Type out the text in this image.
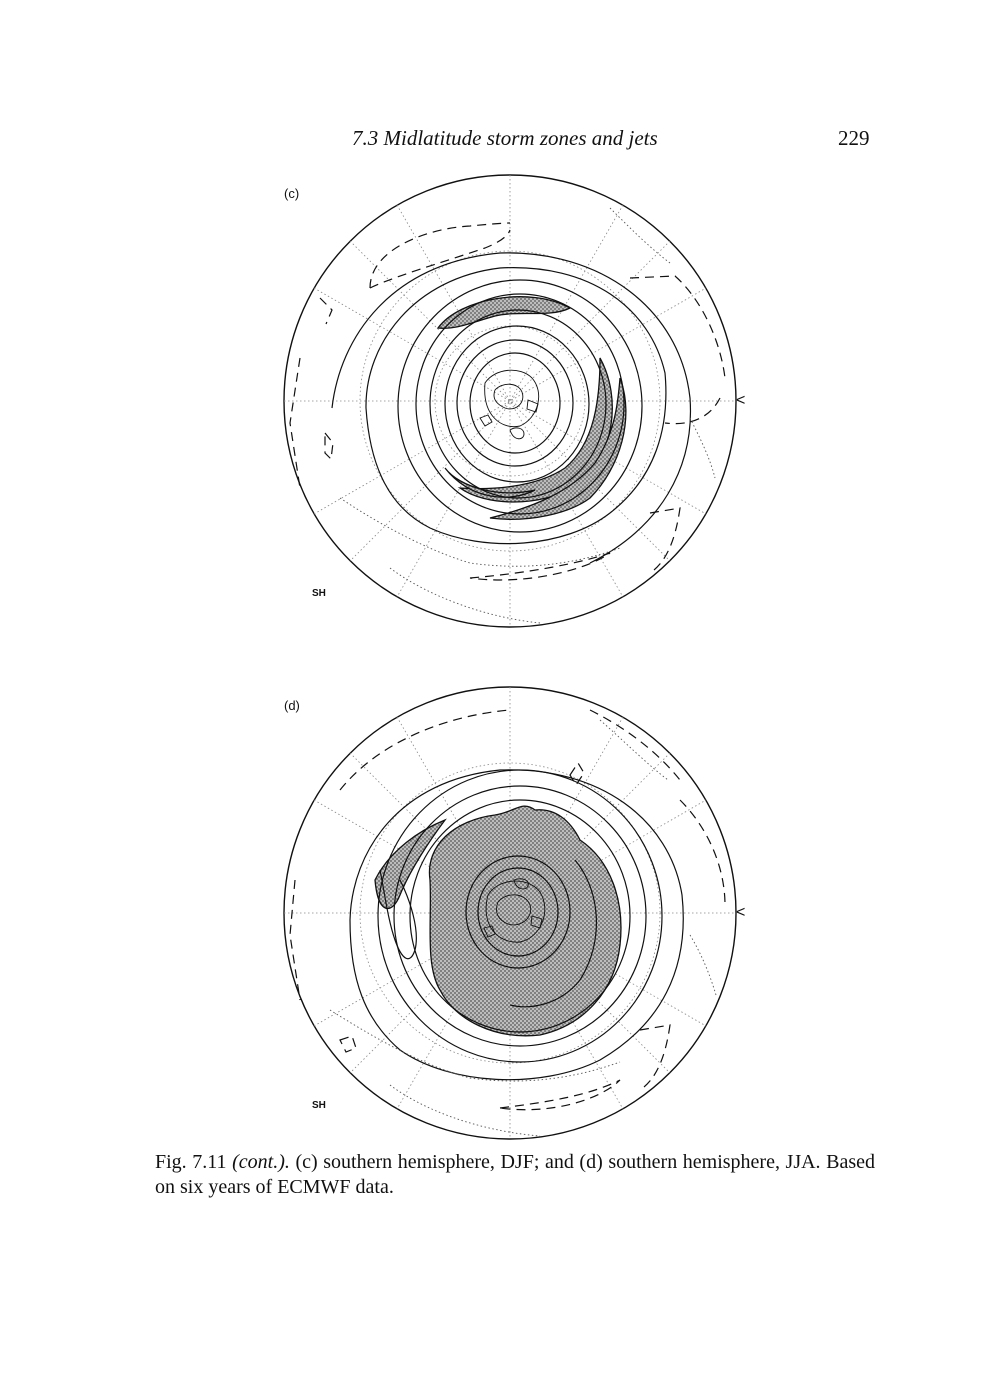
7.3 Midlatitude storm zones and jets	229
(c)
SH
<
(d)
SH
<
Fig. 7.11 (cont.). (c) southern hemisphere, DJF; and (d) southern hemisphere, JJA. Based on six years of ECMWF data.
